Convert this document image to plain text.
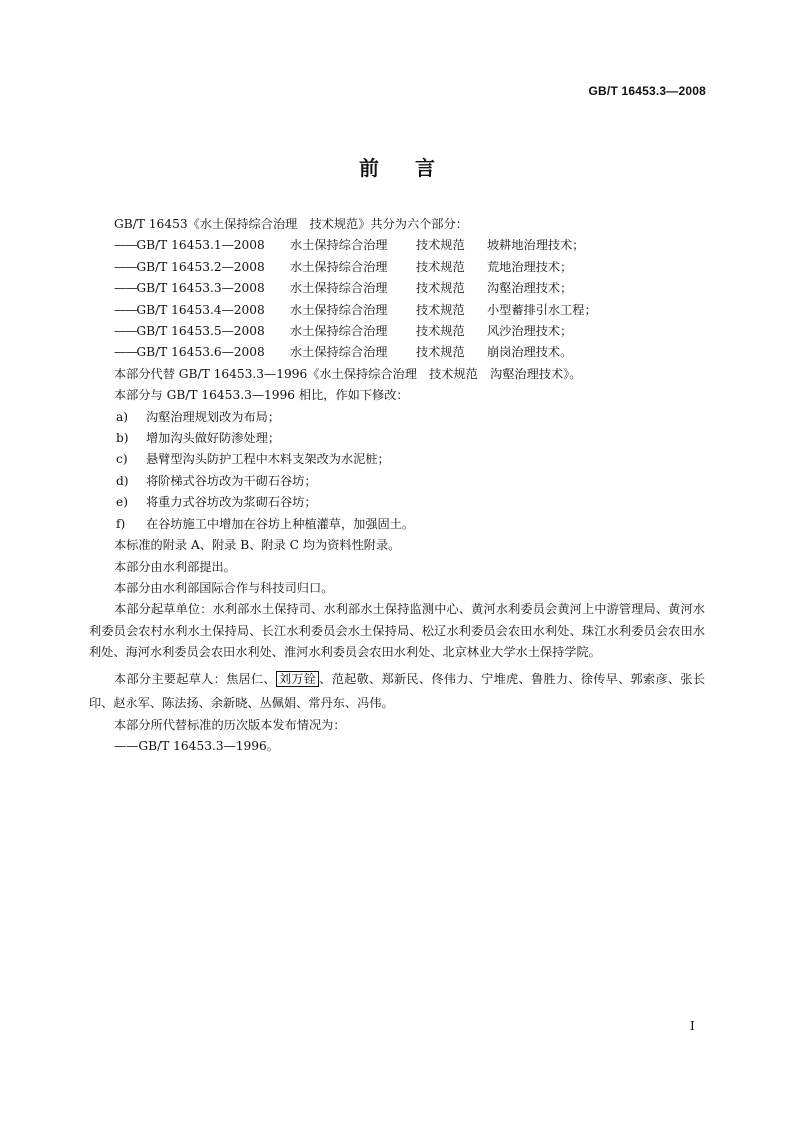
GB/T 16453.3—2008
前言

GB/T 16453《水土保持综合治理　技术规范》共分为六个部分：

——GB/T 16453.1—2008 水土保持综合治理 技术规范 坡耕地治理技术；

——GB/T 16453.2—2008 水土保持综合治理 技术规范 荒地治理技术；

——GB/T 16453.3—2008 水土保持综合治理 技术规范 沟壑治理技术；

——GB/T 16453.4—2008 水土保持综合治理 技术规范 小型蓄排引水工程；

——GB/T 16453.5—2008 水土保持综合治理 技术规范 风沙治理技术；

——GB/T 16453.6—2008 水土保持综合治理 技术规范 崩岗治理技术。

本部分代替 GB/T 16453.3—1996《水土保持综合治理　技术规范　沟壑治理技术》。

本部分与 GB/T 16453.3—1996 相比，作如下修改：

a) 沟壑治理规划改为布局；

b) 增加沟头做好防渗处理；

c) 悬臂型沟头防护工程中木料支架改为水泥桩；

d) 将阶梯式谷坊改为干砌石谷坊；

e) 将重力式谷坊改为浆砌石谷坊；

f) 在谷坊施工中增加在谷坊上种植灌草，加强固土。

本标准的附录 A、附录 B、附录 C 均为资料性附录。

本部分由水利部提出。

本部分由水利部国际合作与科技司归口。

本部分起草单位：水利部水土保持司、水利部水土保持监测中心、黄河水利委员会黄河上中游管理局、黄河水利委员会农村水利水土保持局、长江水利委员会水土保持局、松辽水利委员会农田水利处、珠江水利委员会农田水利处、海河水利委员会农田水利处、淮河水利委员会农田水利处、北京林业大学水土保持学院。

本部分主要起草人：焦居仁、 刘万铨 、范起敬、郑新民、佟伟力、宁堆虎、鲁胜力、徐传早、郭索彦、张长印、赵永军、陈法扬、余新晓、丛佩娟、常丹东、冯伟。

本部分所代替标准的历次版本发布情况为：

——GB/T 16453.3—1996。

I
